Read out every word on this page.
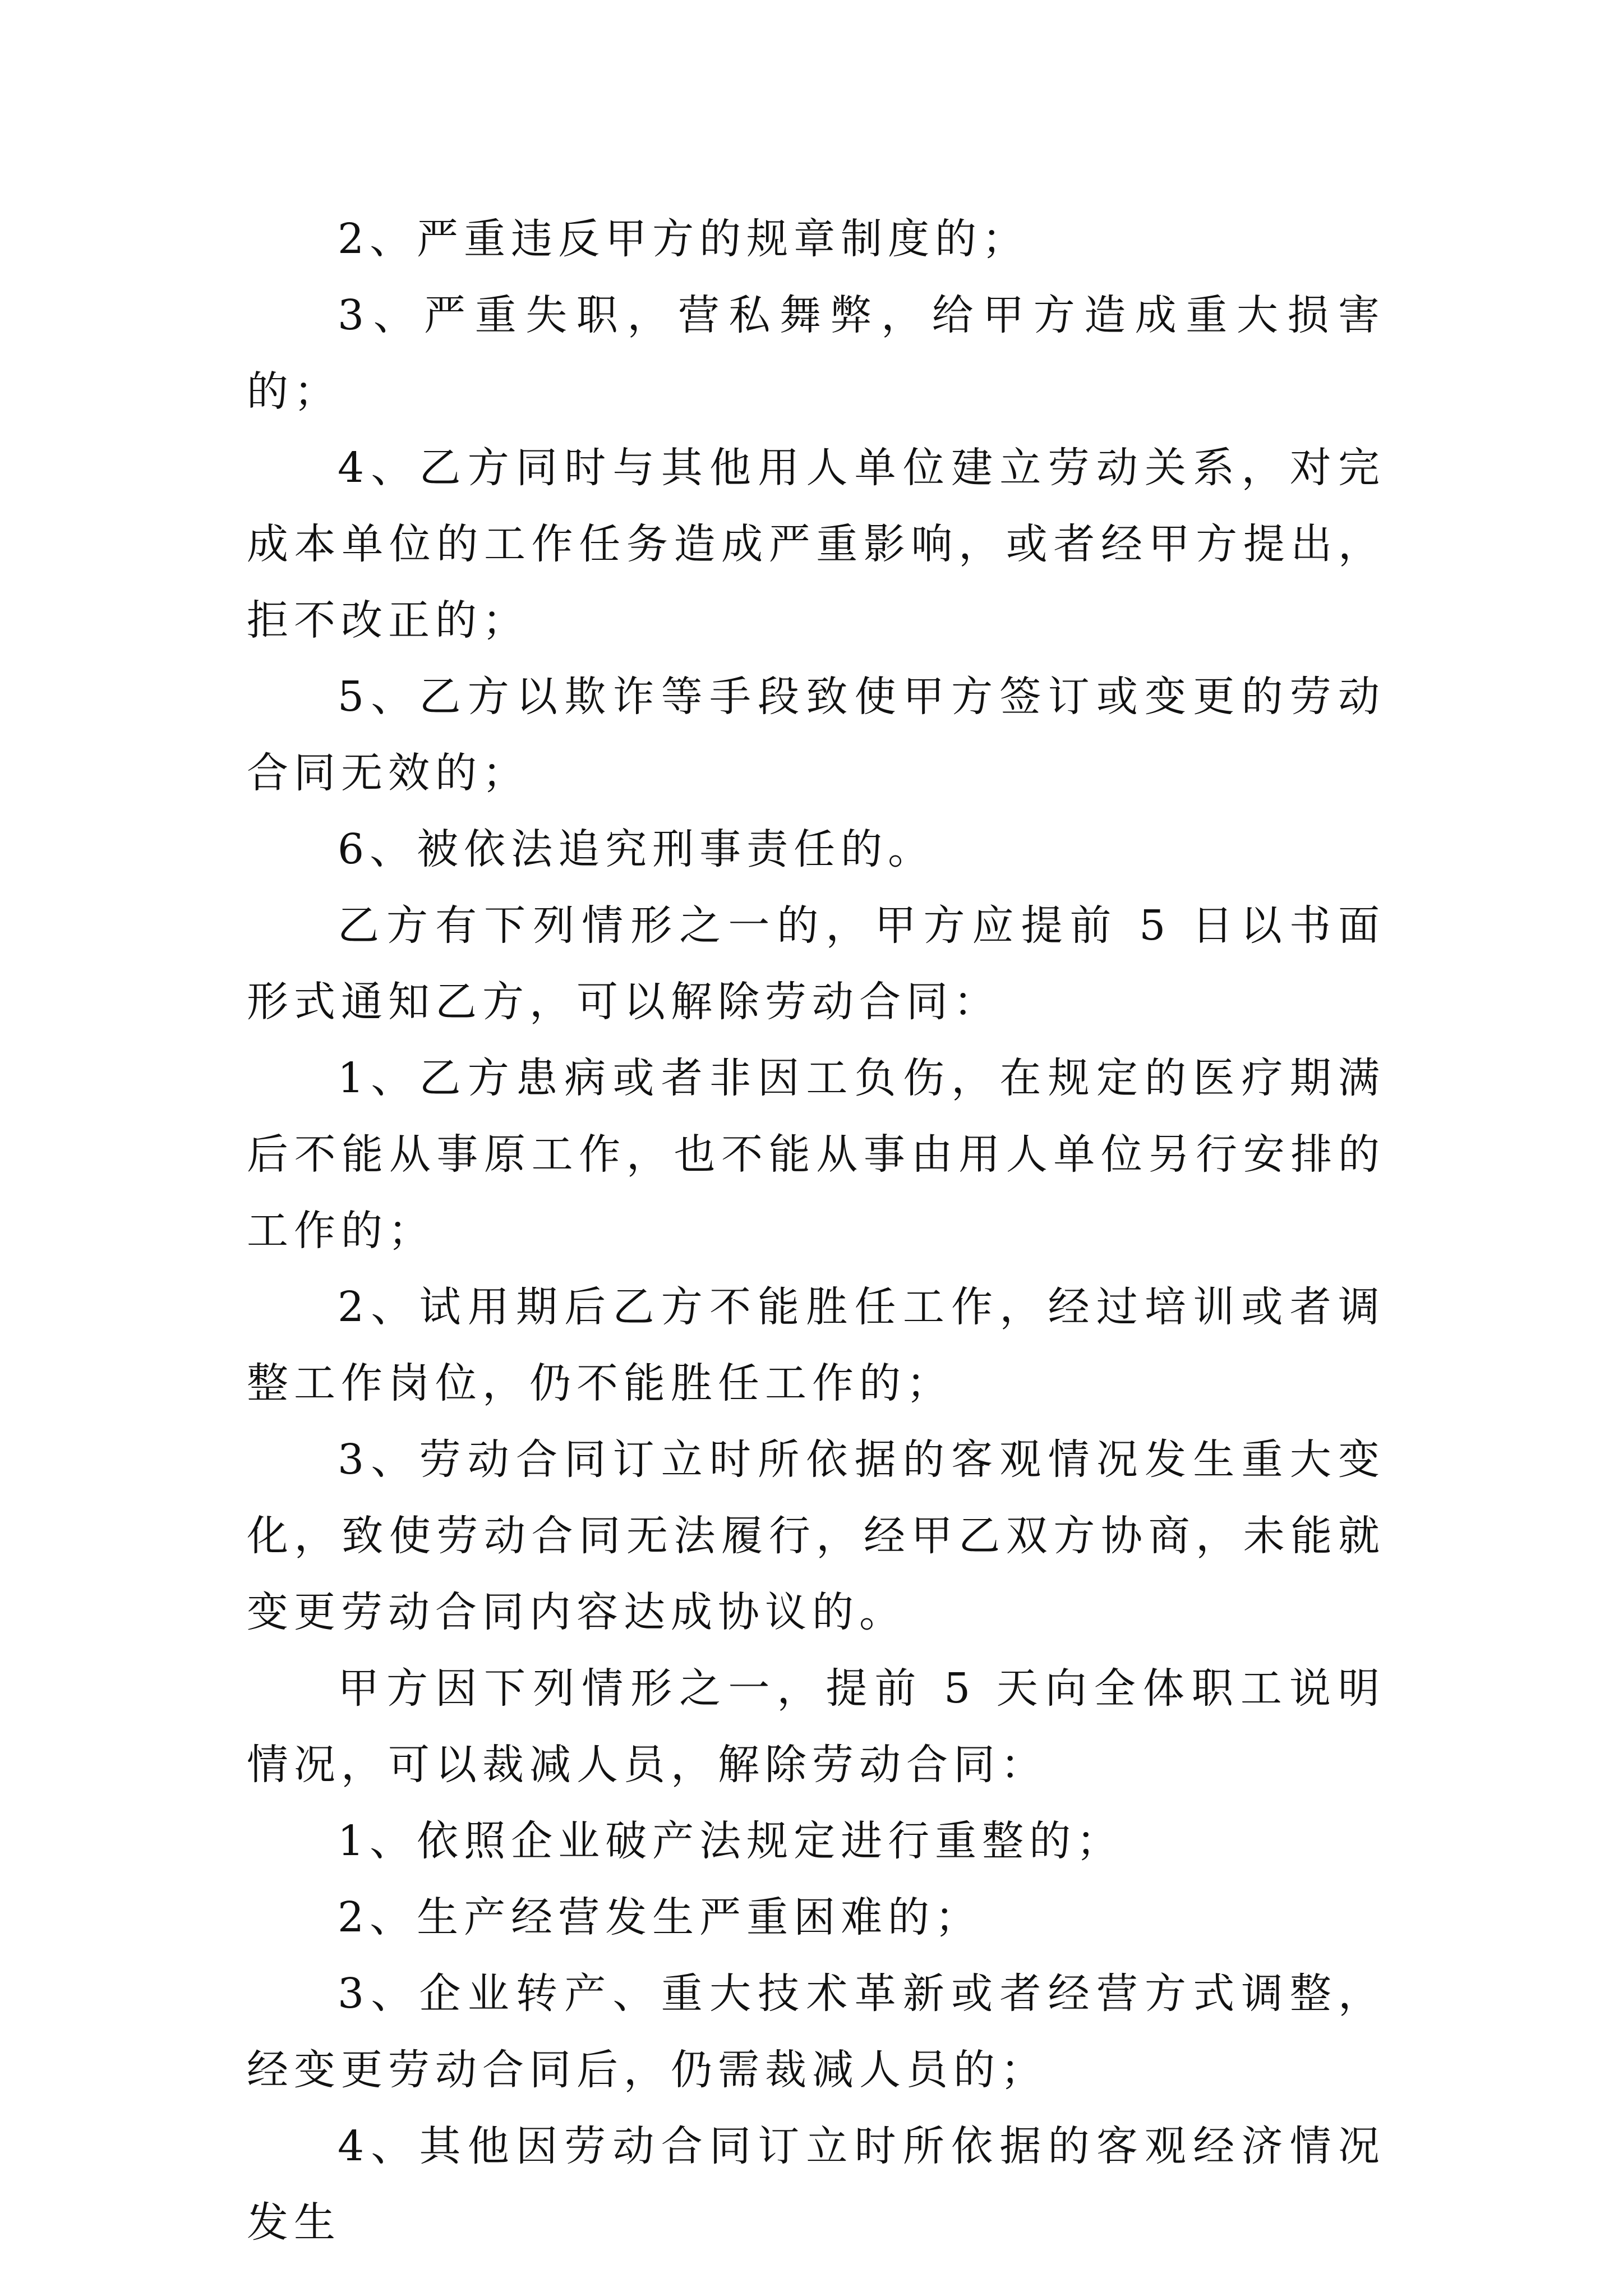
2、严重违反甲方的规章制度的；

3、严重失职，营私舞弊，给甲方造成重大损害的；

4、乙方同时与其他用人单位建立劳动关系，对完成本单位的工作任务造成严重影响，或者经甲方提出，拒不改正的；

5、乙方以欺诈等手段致使甲方签订或变更的劳动合同无效的；

6、被依法追究刑事责任的。

乙方有下列情形之一的，甲方应提前 5 日以书面形式通知乙方，可以解除劳动合同：

1、乙方患病或者非因工负伤，在规定的医疗期满后不能从事原工作，也不能从事由用人单位另行安排的工作的；

2、试用期后乙方不能胜任工作，经过培训或者调整工作岗位，仍不能胜任工作的；

3、劳动合同订立时所依据的客观情况发生重大变化，致使劳动合同无法履行，经甲乙双方协商，未能就变更劳动合同内容达成协议的。

甲方因下列情形之一，提前 5 天向全体职工说明情况，可以裁减人员，解除劳动合同：

1、依照企业破产法规定进行重整的；

2、生产经营发生严重困难的；

3、企业转产、重大技术革新或者经营方式调整，经变更劳动合同后，仍需裁减人员的；

4、其他因劳动合同订立时所依据的客观经济情况发生
